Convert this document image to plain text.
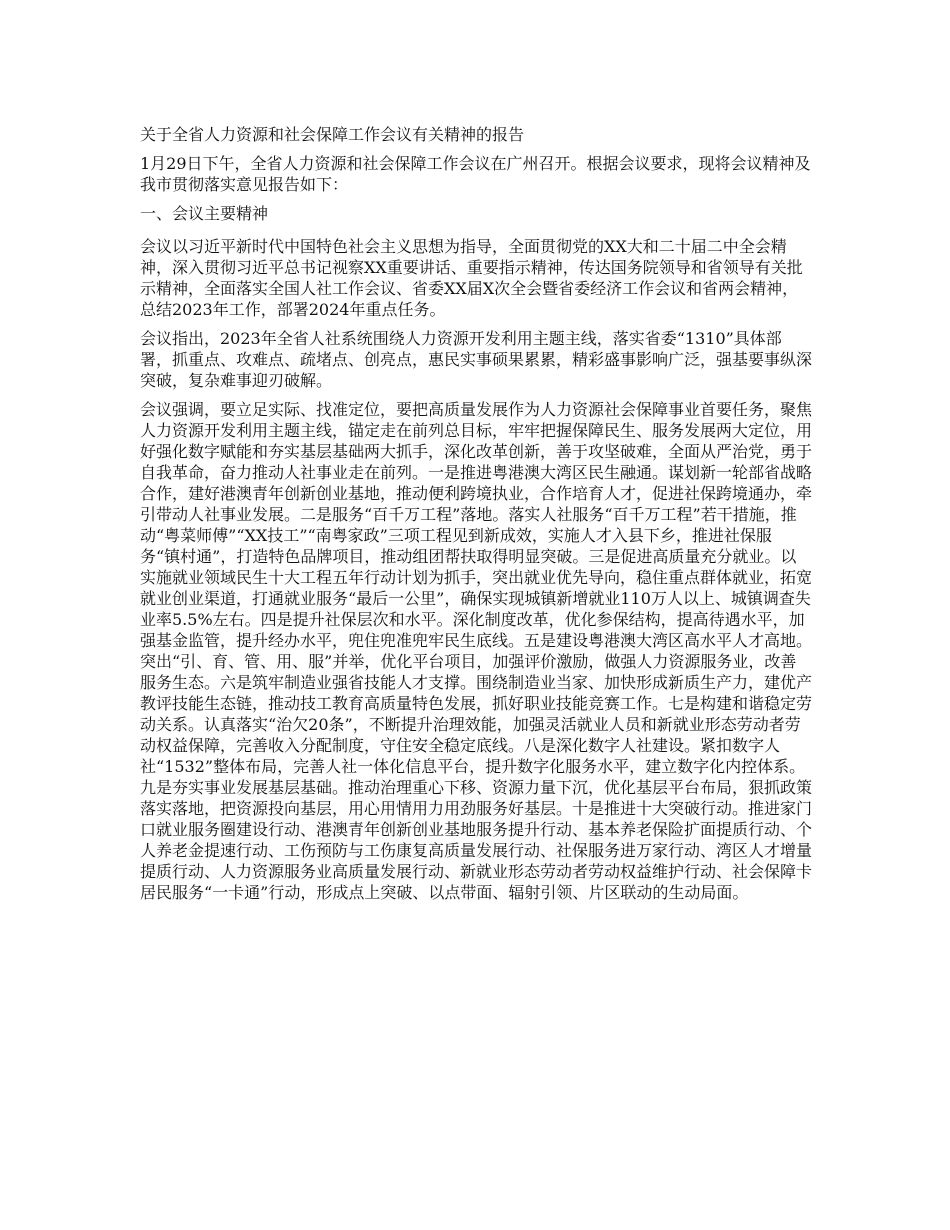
关于全省人力资源和社会保障工作会议有关精神的报告

1月29日下午，全省人力资源和社会保障工作会议在广州召开。根据会议要求，现将会议精神及我市贯彻落实意见报告如下：

一、会议主要精神

会议以习近平新时代中国特色社会主义思想为指导，全面贯彻党的XX大和二十届二中全会精神，深入贯彻习近平总书记视察XX重要讲话、重要指示精神，传达国务院领导和省领导有关批示精神，全面落实全国人社工作会议、省委XX届X次全会暨省委经济工作会议和省两会精神，总结2023年工作，部署2024年重点任务。

会议指出，2023年全省人社系统围绕人力资源开发利用主题主线，落实省委“1310”具体部署，抓重点、攻难点、疏堵点、创亮点，惠民实事硕果累累，精彩盛事影响广泛，强基要事纵深突破，复杂难事迎刃破解。

会议强调，要立足实际、找准定位，要把高质量发展作为人力资源社会保障事业首要任务，聚焦人力资源开发利用主题主线，锚定走在前列总目标，牢牢把握保障民生、服务发展两大定位，用好强化数字赋能和夯实基层基础两大抓手，深化改革创新，善于攻坚破难，全面从严治党，勇于自我革命，奋力推动人社事业走在前列。一是推进粤港澳大湾区民生融通。谋划新一轮部省战略合作，建好港澳青年创新创业基地，推动便利跨境执业，合作培育人才，促进社保跨境通办，牵引带动人社事业发展。二是服务“百千万工程”落地。落实人社服务“百千万工程”若干措施，推动“粤菜师傅”“XX技工”“南粤家政”三项工程见到新成效，实施人才入县下乡，推进社保服务“镇村通”，打造特色品牌项目，推动组团帮扶取得明显突破。三是促进高质量充分就业。以实施就业领域民生十大工程五年行动计划为抓手，突出就业优先导向，稳住重点群体就业，拓宽就业创业渠道，打通就业服务“最后一公里”，确保实现城镇新增就业110万人以上、城镇调查失业率5.5%左右。四是提升社保层次和水平。深化制度改革，优化参保结构，提高待遇水平，加强基金监管，提升经办水平，兜住兜准兜牢民生底线。五是建设粤港澳大湾区高水平人才高地。突出“引、育、管、用、服”并举，优化平台项目，加强评价激励，做强人力资源服务业，改善服务生态。六是筑牢制造业强省技能人才支撑。围绕制造业当家、加快形成新质生产力，建优产教评技能生态链，推动技工教育高质量特色发展，抓好职业技能竞赛工作。七是构建和谐稳定劳动关系。认真落实“治欠20条”，不断提升治理效能，加强灵活就业人员和新就业形态劳动者劳动权益保障，完善收入分配制度，守住安全稳定底线。八是深化数字人社建设。紧扣数字人社“1532”整体布局，完善人社一体化信息平台，提升数字化服务水平，建立数字化内控体系。九是夯实事业发展基层基础。推动治理重心下移、资源力量下沉，优化基层平台布局，狠抓政策落实落地，把资源投向基层，用心用情用力用劲服务好基层。十是推进十大突破行动。推进家门口就业服务圈建设行动、港澳青年创新创业基地服务提升行动、基本养老保险扩面提质行动、个人养老金提速行动、工伤预防与工伤康复高质量发展行动、社保服务进万家行动、湾区人才增量提质行动、人力资源服务业高质量发展行动、新就业形态劳动者劳动权益维护行动、社会保障卡居民服务“一卡通”行动，形成点上突破、以点带面、辐射引领、片区联动的生动局面。
